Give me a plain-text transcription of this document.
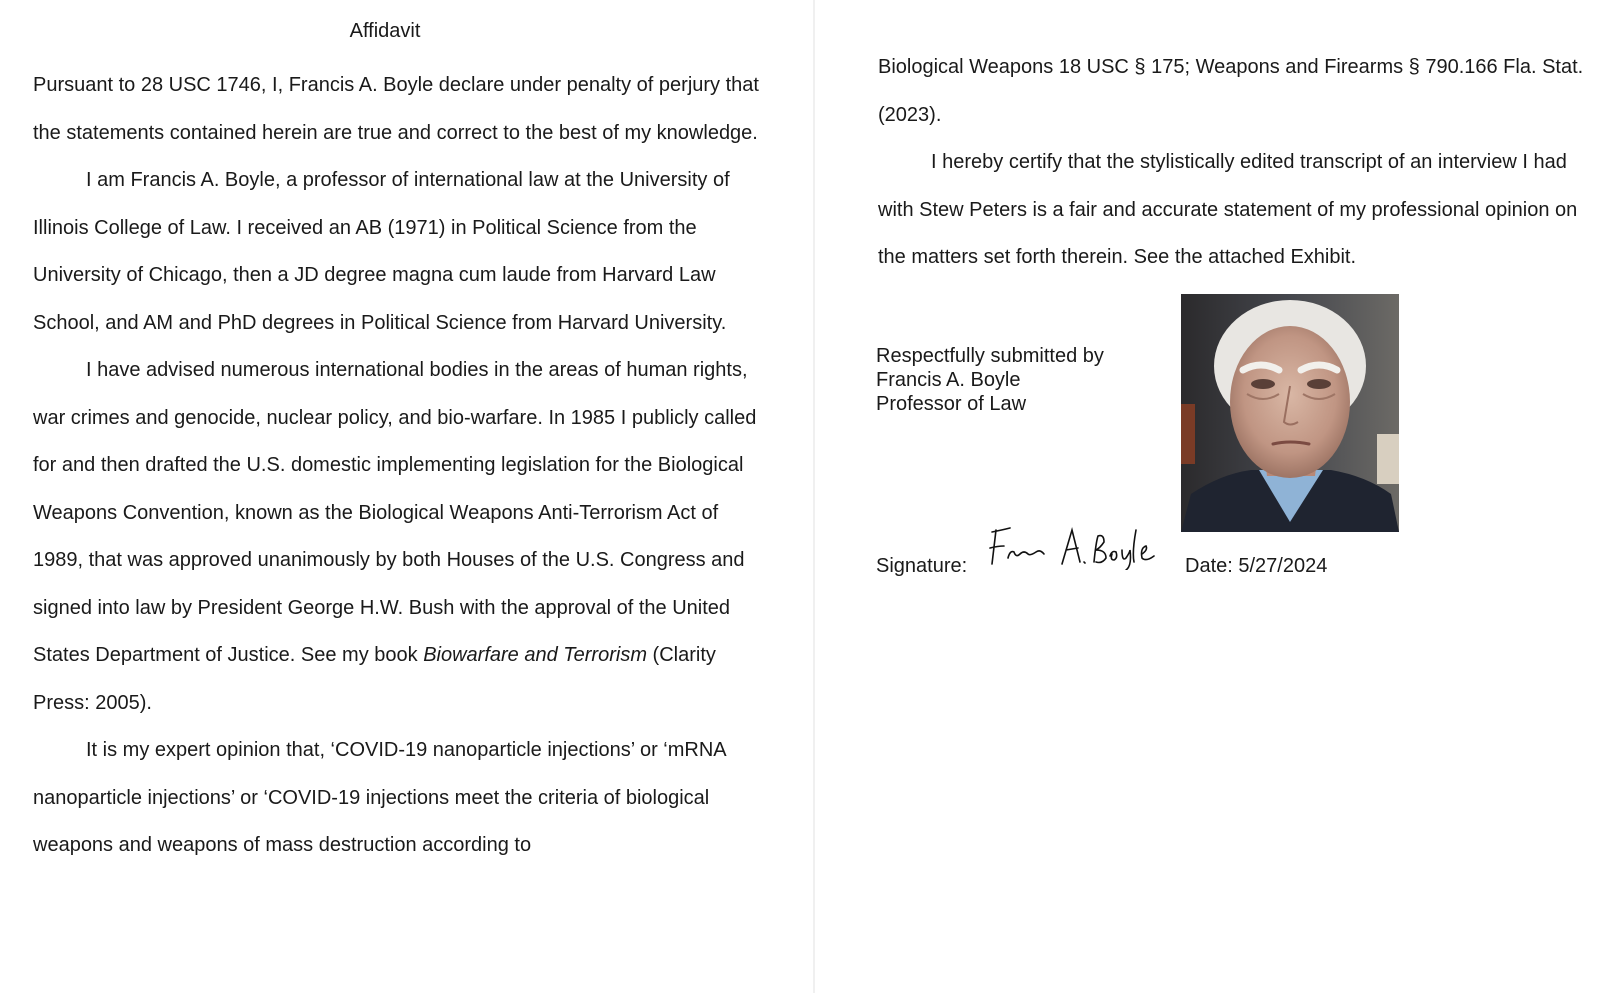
Affidavit

Pursuant to 28 USC 1746, I, Francis A. Boyle declare under penalty of perjury that the statements contained herein are true and correct to the best of my knowledge.

I am Francis A. Boyle, a professor of international law at the University of Illinois College of Law. I received an AB (1971) in Political Science from the University of Chicago, then a JD degree magna cum laude from Harvard Law School, and AM and PhD degrees in Political Science from Harvard University.

I have advised numerous international bodies in the areas of human rights, war crimes and genocide, nuclear policy, and bio-warfare. In 1985 I publicly called for and then drafted the U.S. domestic implementing legislation for the Biological Weapons Convention, known as the Biological Weapons Anti-Terrorism Act of 1989, that was approved unanimously by both Houses of the U.S. Congress and signed into law by President George H.W. Bush with the approval of the United States Department of Justice. See my book Biowarfare and Terrorism (Clarity Press: 2005).

It is my expert opinion that, ‘COVID-19 nanoparticle injections’ or ‘mRNA nanoparticle injections’ or ‘COVID-19 injections meet the criteria of biological weapons and weapons of mass destruction according to

Biological Weapons 18 USC § 175; Weapons and Firearms § 790.166 Fla. Stat. (2023).

I hereby certify that the stylistically edited transcript of an interview I had with Stew Peters is a fair and accurate statement of my professional opinion on the matters set forth therein. See the attached Exhibit.

Respectfully submitted by
Francis A. Boyle
Professor of Law
Signature:	Date: 5/27/2024
